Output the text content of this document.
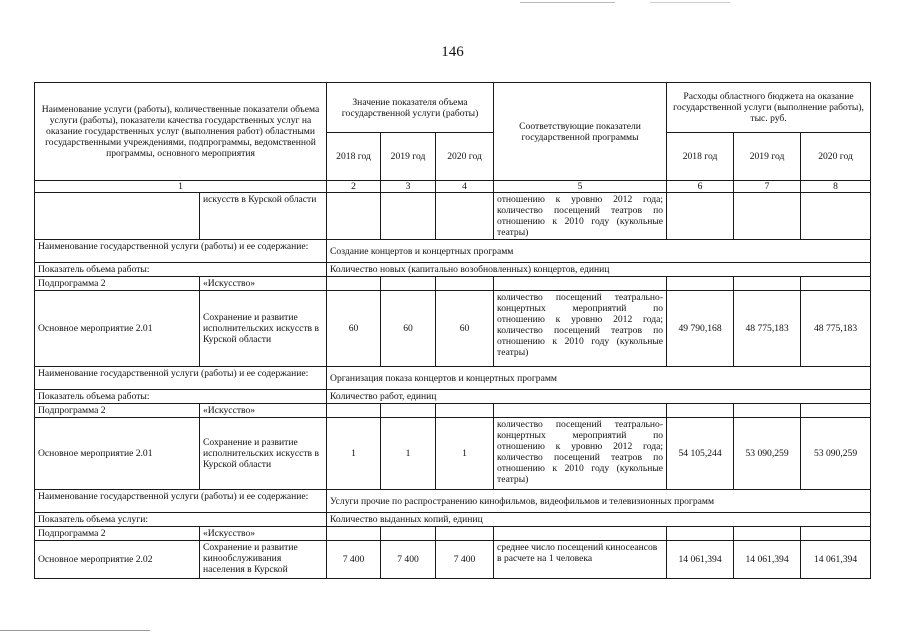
146
Наименование услуги (работы), количественные показатели объема услуги (работы), показатели качества государственных услуг на оказание государственных услуг (выполнения работ) областными государственными учреждениями, подпрограммы, ведомственной программы, основного мероприятия		Значение показателя объема государственной услуги (работы)			Соответствующие показатели государственной программы	Расходы областного бюджета на оказание государственной услуги (выполнение работы), тыс. руб.		
		2018 год	2019 год	2020 год		2018 год	2019 год	2020 год
1		2	3	4	5	6	7	8
	искусств в Курской области				отношению к уровню 2012 года; количество посещений театров по отношению к 2010 году (кукольные театры)			
Наименование государственной услуги (работы) и ее содержание:		Создание концертов и концертных программ						
Показатель объема работы:		Количество новых (капитально возобновленных) концертов, единиц						
Подпрограмма 2	«Искусство»							
Основное мероприятие 2.01	Сохранение и развитие исполнительских искусств в Курской области	60	60	60	количество посещений театрально-концертных мероприятий по отношению к уровню 2012 года; количество посещений театров по отношению к 2010 году (кукольные театры)	49 790,168	48 775,183	48 775,183
Наименование государственной услуги (работы) и ее содержание:		Организация показа концертов и концертных программ						
Показатель объема работы:		Количество работ, единиц						
Подпрограмма 2	«Искусство»							
Основное мероприятие 2.01	Сохранение и развитие исполнительских искусств в Курской области	1	1	1	количество посещений театрально-концертных мероприятий по отношению к уровню 2012 года; количество посещений театров по отношению к 2010 году (кукольные театры)	54 105,244	53 090,259	53 090,259
Наименование государственной услуги (работы) и ее содержание:		Услуги прочие по распространению кинофильмов, видеофильмов и телевизионных программ						
Показатель объема услуги:		Количество выданных копий, единиц						
Подпрограмма 2	«Искусство»							
Основное мероприятие 2.02	Сохранение и развитие кинообслуживания населения в Курской	7 400	7 400	7 400	среднее число посещений киносеансов в расчете на 1 человека	14 061,394	14 061,394	14 061,394
